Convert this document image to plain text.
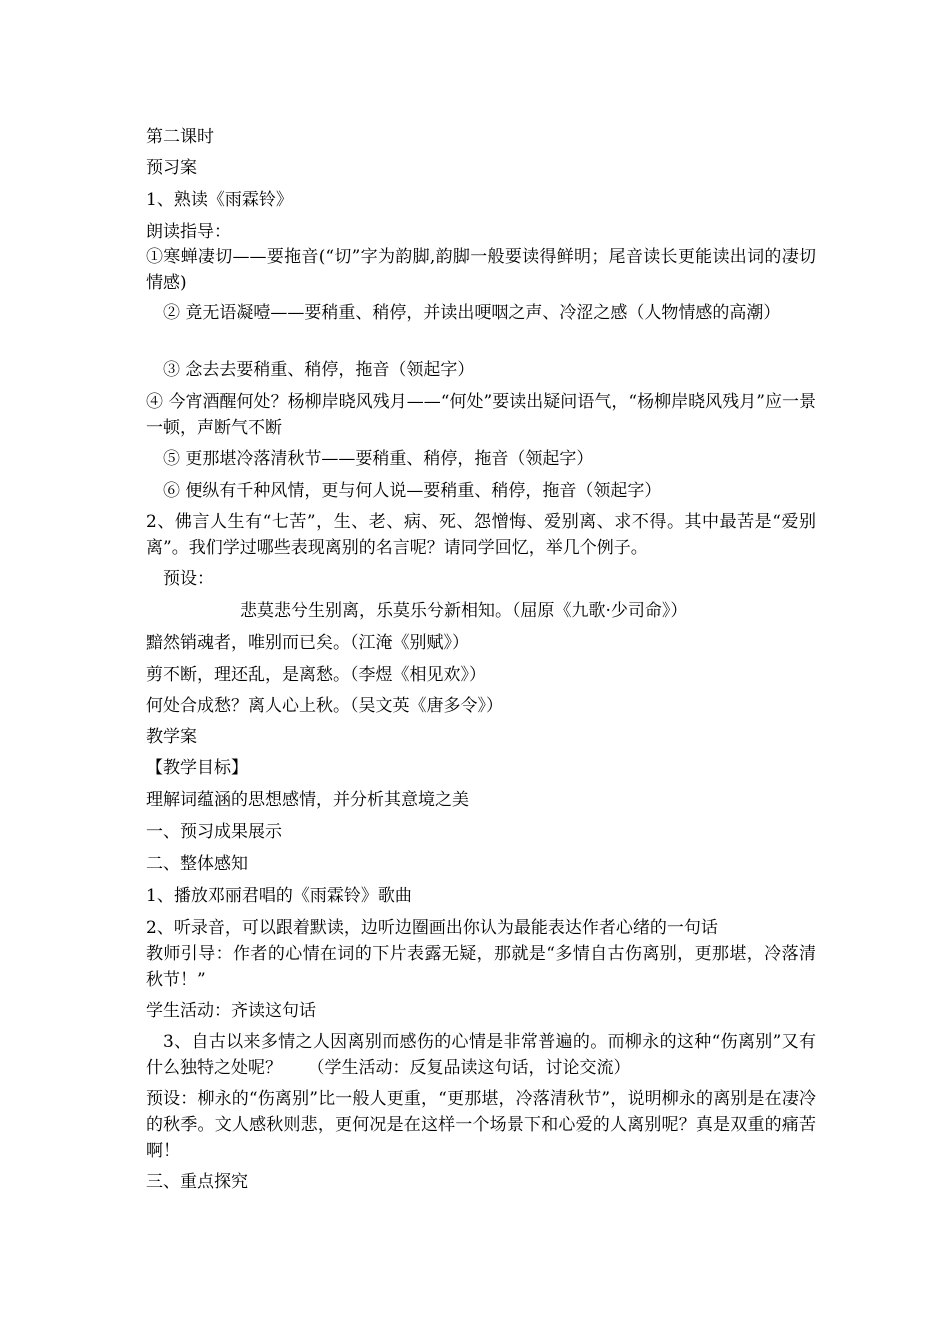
第二课时

预习案

1、熟读《雨霖铃》

朗读指导：

①寒蝉凄切——要拖音(“切”字为韵脚,韵脚一般要读得鲜明；尾音读长更能读出词的凄切情感)

② 竟无语凝噎——要稍重、稍停，并读出哽咽之声、冷涩之感（人物情感的高潮）

③ 念去去要稍重、稍停，拖音（领起字）

④ 今宵酒醒何处？杨柳岸晓风残月——“何处”要读出疑问语气，“杨柳岸晓风残月”应一景一顿，声断气不断

⑤ 更那堪冷落清秋节——要稍重、稍停，拖音（领起字）

⑥ 便纵有千种风情，更与何人说—要稍重、稍停，拖音（领起字）

2、佛言人生有“七苦”，生、老、病、死、怨憎悔、爱别离、求不得。其中最苦是“爱别离”。我们学过哪些表现离别的名言呢？请同学回忆，举几个例子。

预设：

悲莫悲兮生别离，乐莫乐兮新相知。（屈原《九歌·少司命》）

黯然销魂者，唯别而已矣。（江淹《别赋》）

剪不断，理还乱，是离愁。（李煜《相见欢》）

何处合成愁？离人心上秋。（吴文英《唐多令》）

教学案

【教学目标】

理解词蕴涵的思想感情，并分析其意境之美

一、预习成果展示

二、整体感知

1、播放邓丽君唱的《雨霖铃》歌曲

2、听录音，可以跟着默读，边听边圈画出你认为最能表达作者心绪的一句话

教师引导：作者的心情在词的下片表露无疑，那就是“多情自古伤离别，更那堪，冷落清秋节！”

学生活动：齐读这句话

3、自古以来多情之人因离别而感伤的心情是非常普遍的。而柳永的这种“伤离别”又有什么独特之处呢？　　（学生活动：反复品读这句话，讨论交流）

预设：柳永的“伤离别”比一般人更重，“更那堪，冷落清秋节”，说明柳永的离别是在凄冷的秋季。文人感秋则悲，更何况是在这样一个场景下和心爱的人离别呢？真是双重的痛苦啊！

三、重点探究
